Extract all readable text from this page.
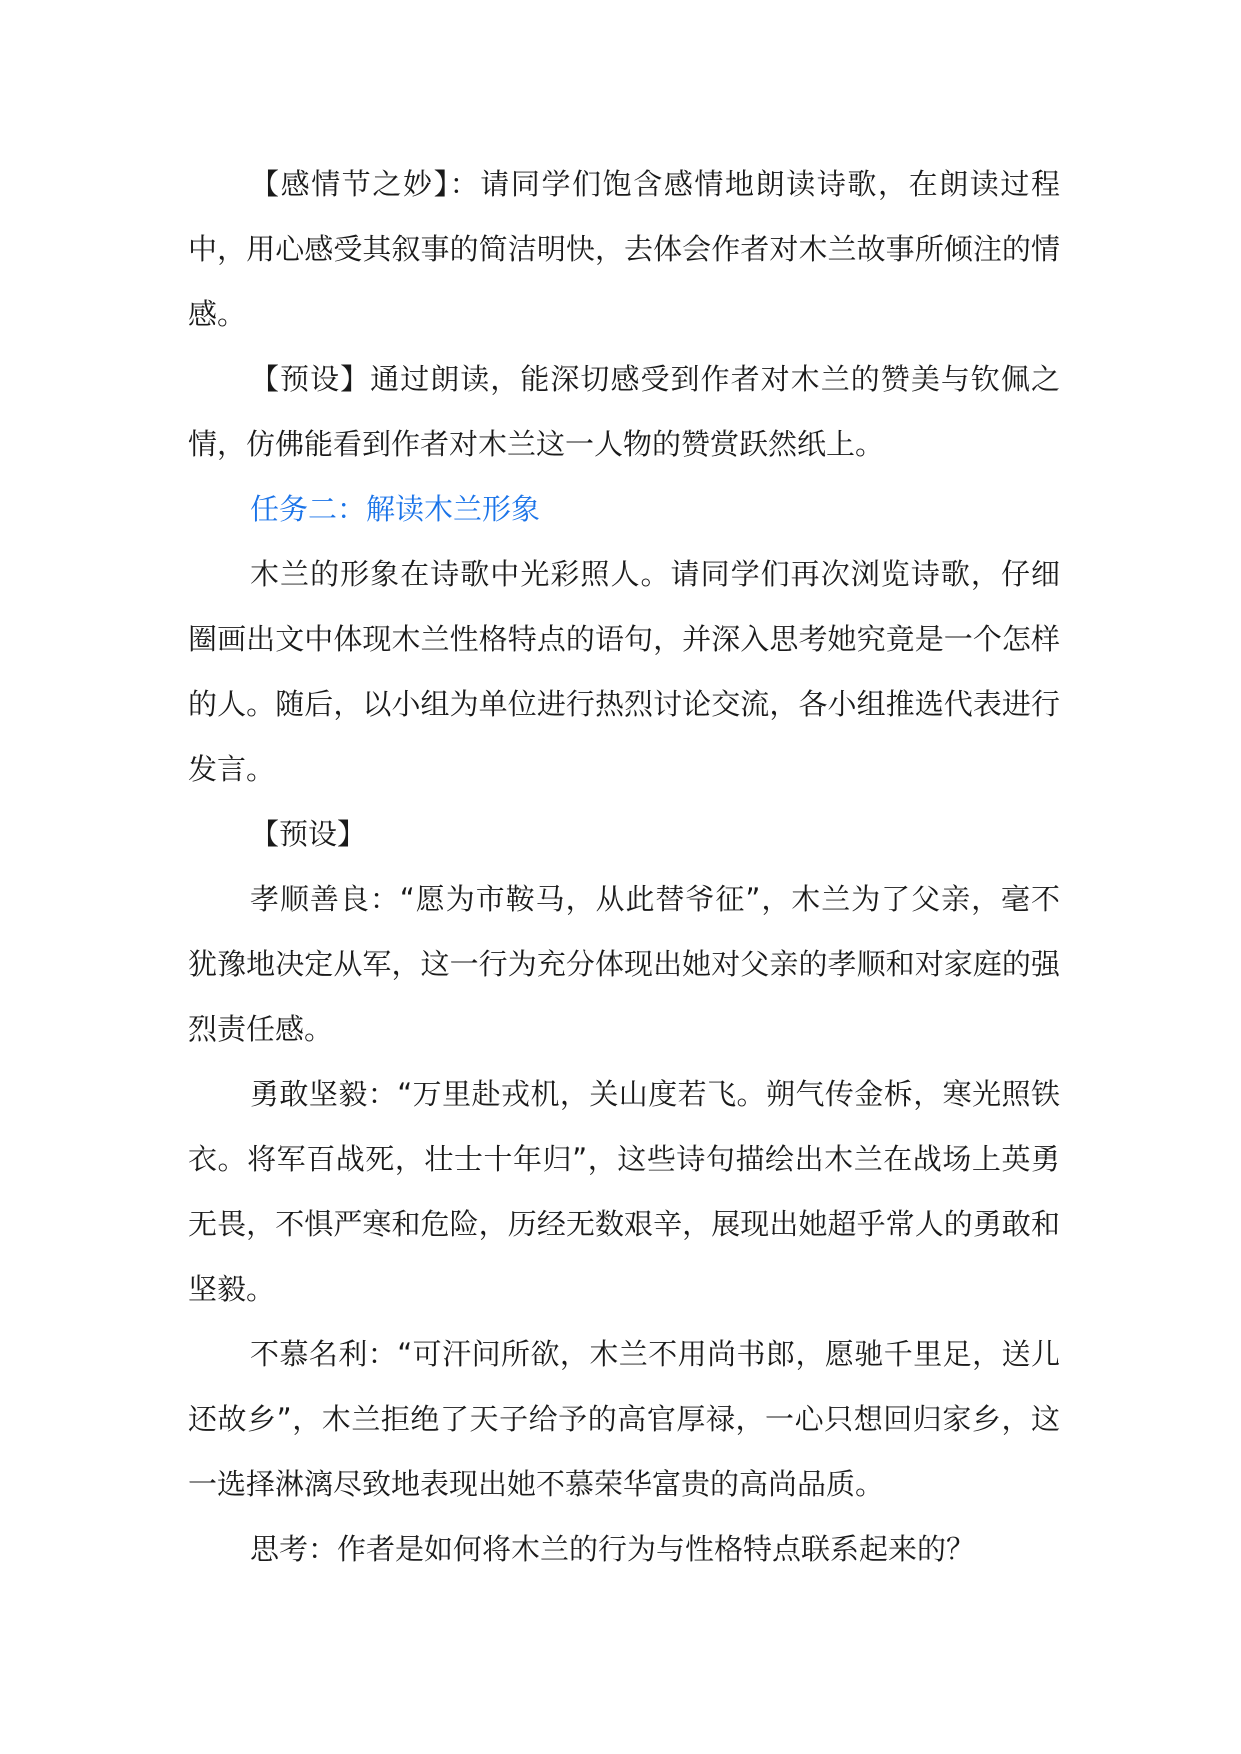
【感情节之妙】：请同学们饱含感情地朗读诗歌，在朗读过程中，用心感受其叙事的简洁明快，去体会作者对木兰故事所倾注的情感。

【预设】通过朗读，能深切感受到作者对木兰的赞美与钦佩之情，仿佛能看到作者对木兰这一人物的赞赏跃然纸上。

任务二：解读木兰形象

木兰的形象在诗歌中光彩照人。请同学们再次浏览诗歌，仔细圈画出文中体现木兰性格特点的语句，并深入思考她究竟是一个怎样的人。随后，以小组为单位进行热烈讨论交流，各小组推选代表进行发言。

【预设】

孝顺善良：“愿为市鞍马，从此替爷征”，木兰为了父亲，毫不犹豫地决定从军，这一行为充分体现出她对父亲的孝顺和对家庭的强烈责任感。

勇敢坚毅：“万里赴戎机，关山度若飞。朔气传金柝，寒光照铁衣。将军百战死，壮士十年归”，这些诗句描绘出木兰在战场上英勇无畏，不惧严寒和危险，历经无数艰辛，展现出她超乎常人的勇敢和坚毅。

不慕名利：“可汗问所欲，木兰不用尚书郎，愿驰千里足，送儿还故乡”，木兰拒绝了天子给予的高官厚禄，一心只想回归家乡，这一选择淋漓尽致地表现出她不慕荣华富贵的高尚品质。

思考：作者是如何将木兰的行为与性格特点联系起来的？
